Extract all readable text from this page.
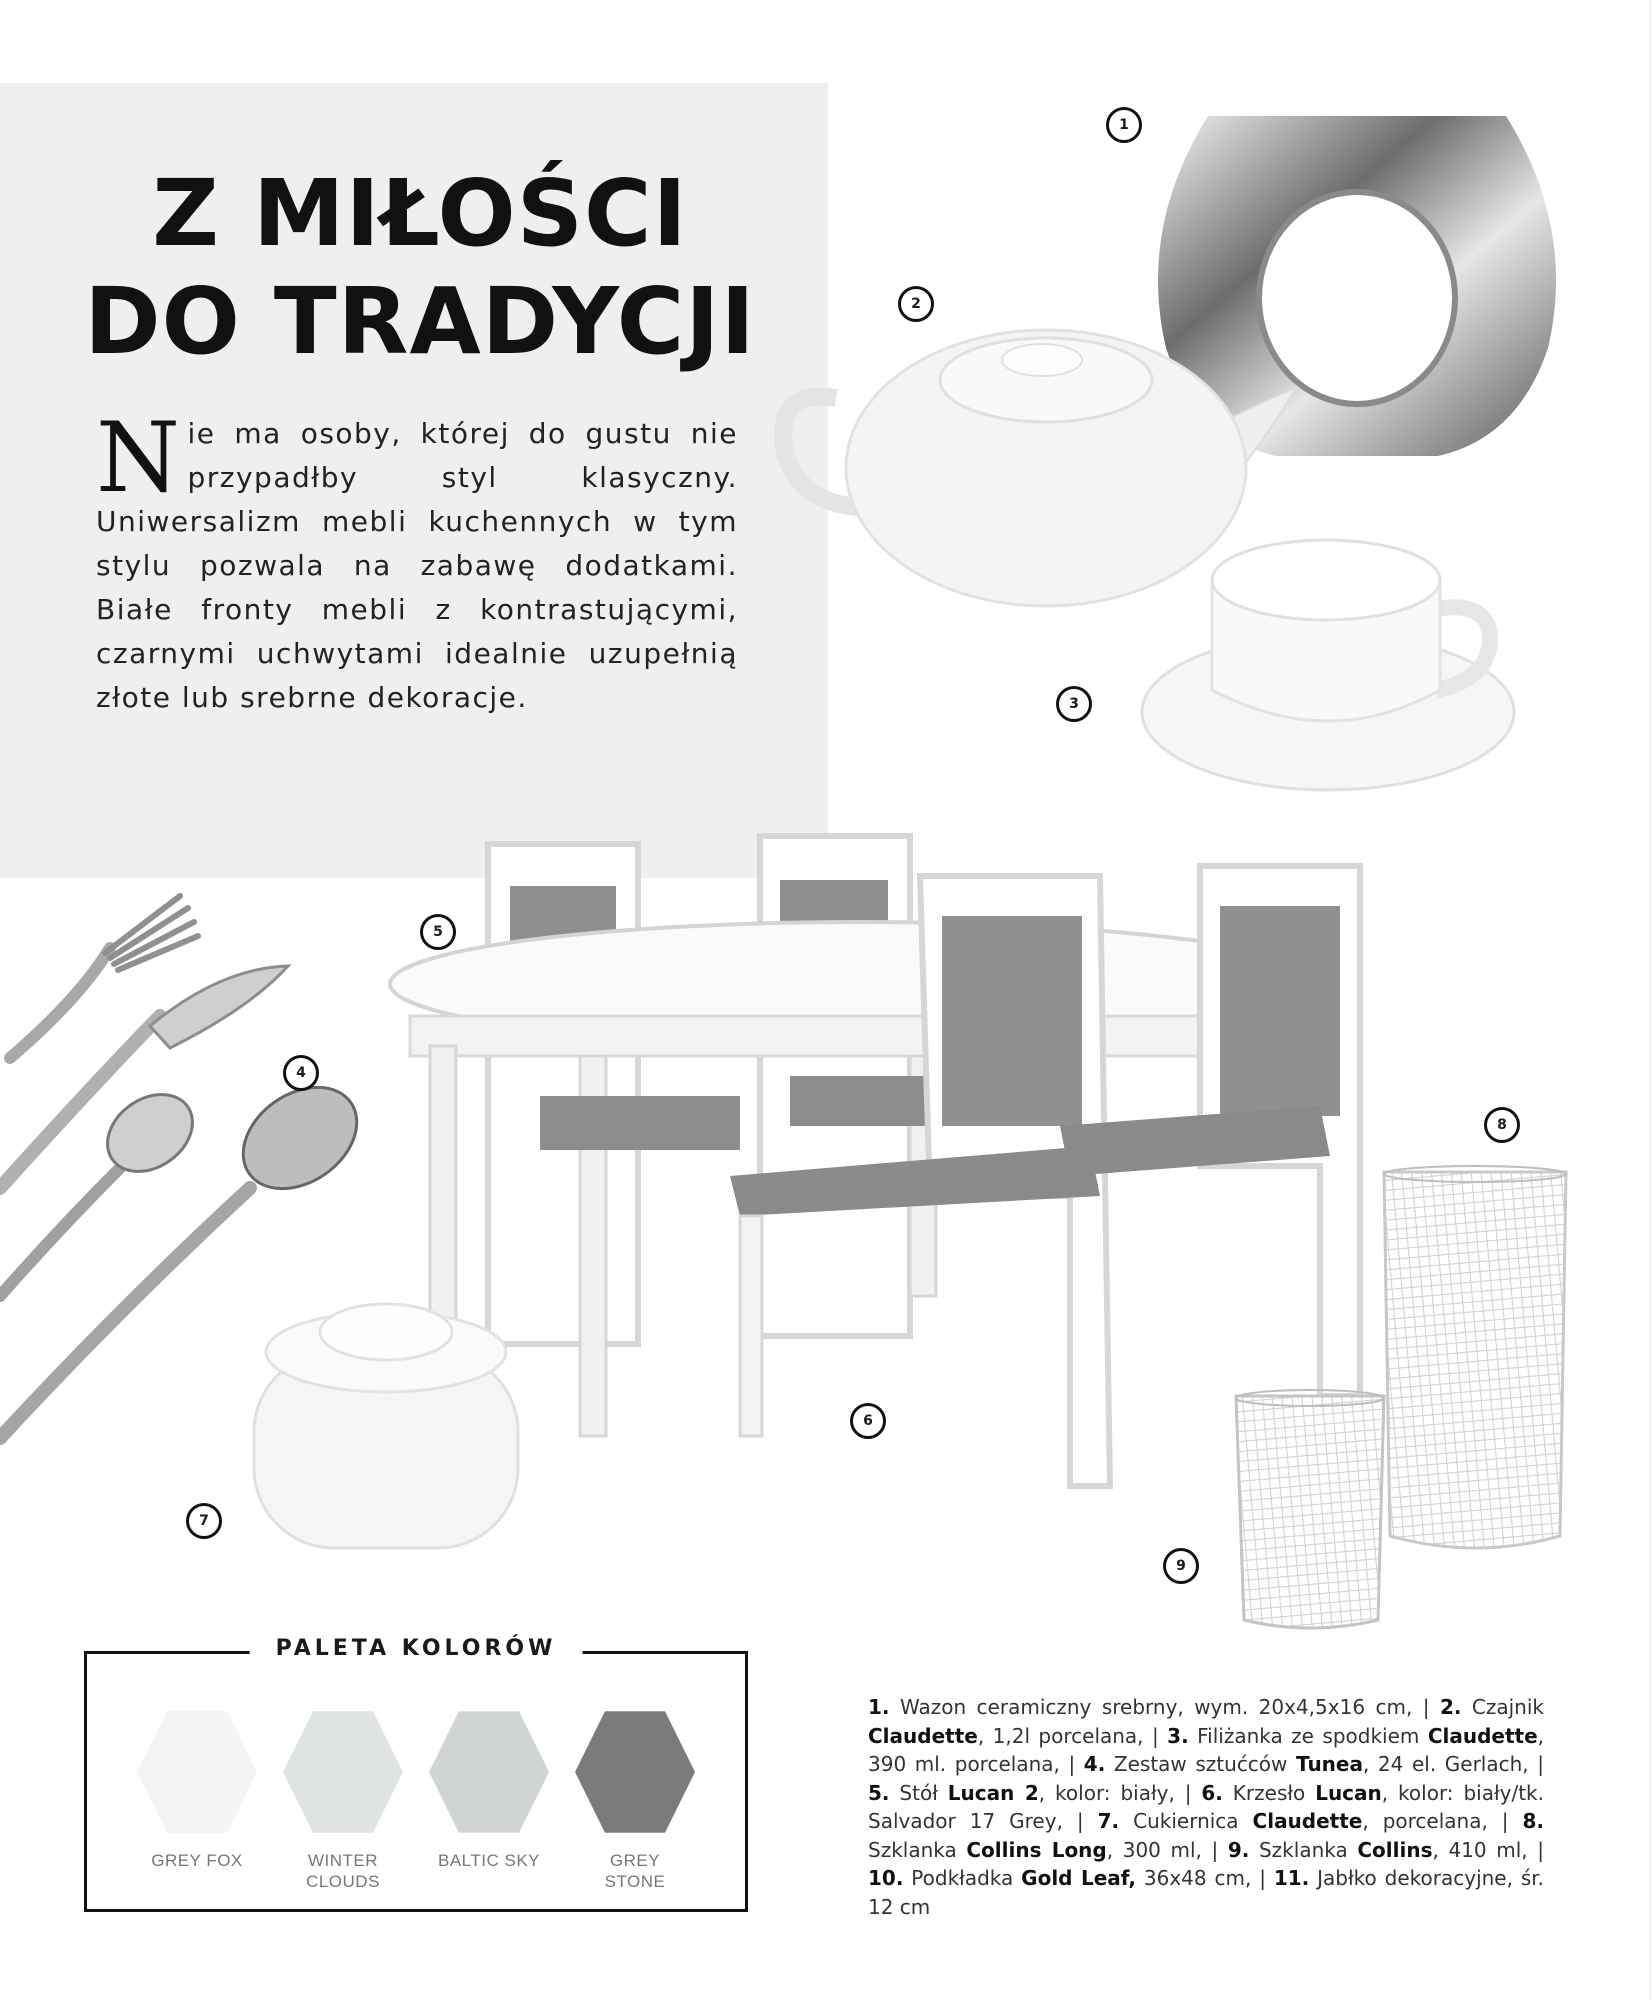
Z MIŁOŚCI
DO TRADYCJI

Nie ma osoby, której do gustu nie przypadłby styl klasyczny. Uniwersalizm mebli kuchennych w tym stylu pozwala na zabawę dodatkami. Białe fronty mebli z kontrastującymi, czarnymi uchwytami idealnie uzupełnią złote lub srebrne dekoracje.

1
2
3
4
5
6
7
8
9
PALETA KOLORÓW
GREY FOX	WINTER
CLOUDS
BALTIC SKY	GREY
STONE

1. Wazon ceramiczny srebrny, wym. 20x4,5x16 cm, | 2. Czajnik Claudette, 1,2l porcelana, | 3. Filiżanka ze spodkiem Claudette, 390 ml. porcelana, | 4. Zestaw sztućców Tunea, 24 el. Gerlach, | 5. Stół Lucan 2, kolor: biały, | 6. Krzesło Lucan, kolor: biały/tk. Salvador 17 Grey, | 7. Cukiernica Claudette, porcelana, | 8. Szklanka Collins Long, 300 ml, | 9. Szklanka Collins, 410 ml, | 10. Podkładka Gold Leaf, 36x48 cm, | 11. Jabłko dekoracyjne, śr. 12 cm
